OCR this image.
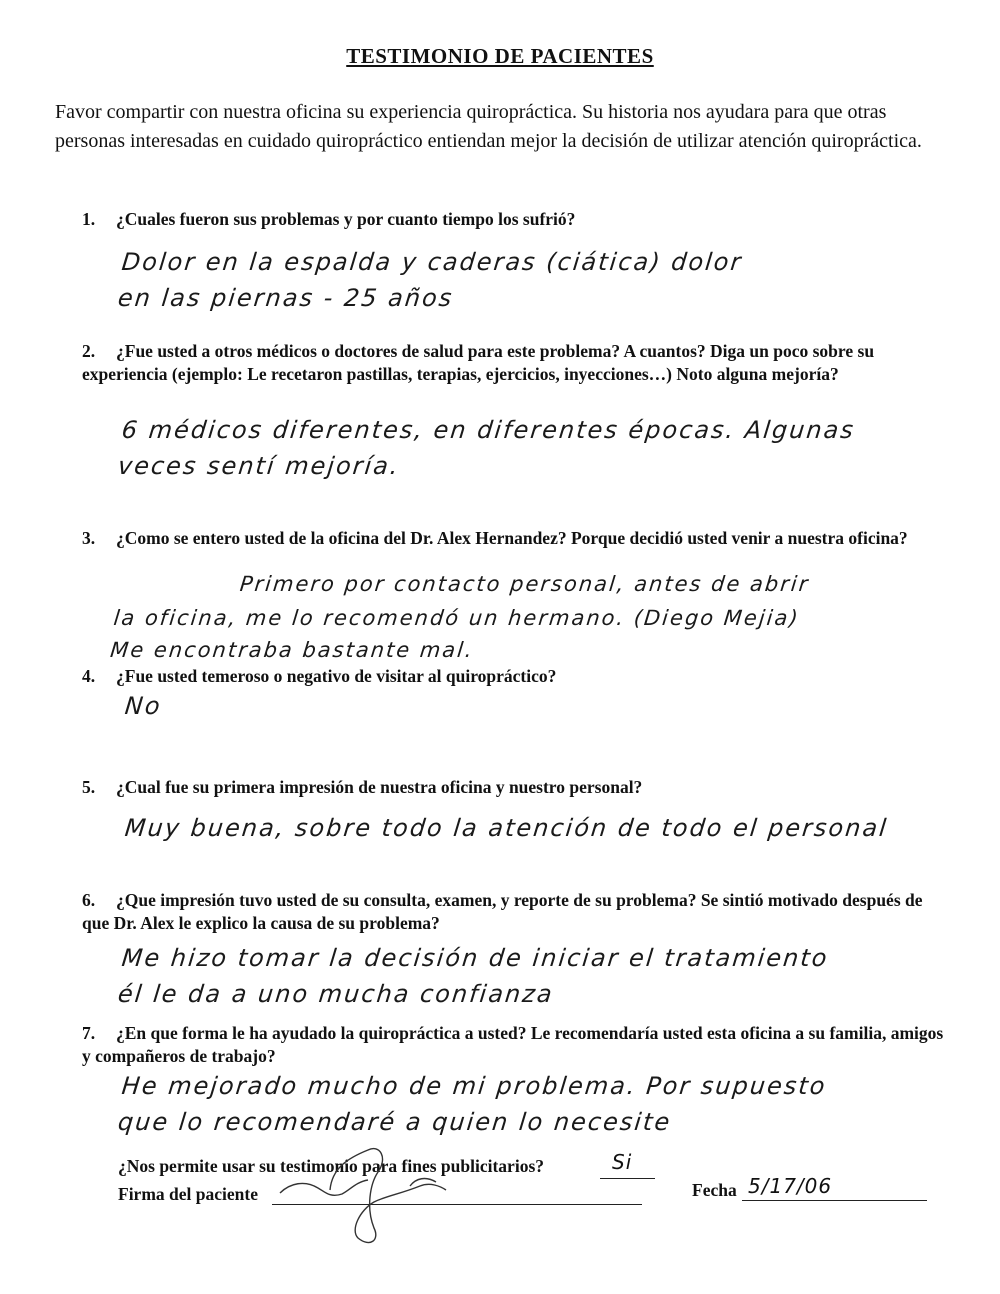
TESTIMONIO DE PACIENTES
Favor compartir con nuestra oficina su experiencia quiropráctica. Su historia nos ayudara para que otras personas interesadas en cuidado quiropráctico entiendan mejor la decisión de utilizar atención quiropráctica.
1. ¿Cuales fueron sus problemas y por cuanto tiempo los sufrió?
Dolor en la espalda y caderas (ciática) dolor
en las piernas - 25 años
2. ¿Fue usted a otros médicos o doctores de salud para este problema? A cuantos? Diga un poco sobre su experiencia (ejemplo: Le recetaron pastillas, terapias, ejercicios, inyecciones…) Noto alguna mejoría?
6 médicos diferentes, en diferentes épocas. Algunas
veces sentí mejoría.
3. ¿Como se entero usted de la oficina del Dr. Alex Hernandez? Porque decidió usted venir a nuestra oficina?
Primero por contacto personal, antes de abrir
la oficina, me lo recomendó un hermano. (Diego Mejia)
Me encontraba bastante mal.
4. ¿Fue usted temeroso o negativo de visitar al quiropráctico?
No
5. ¿Cual fue su primera impresión de nuestra oficina y nuestro personal?
Muy buena, sobre todo la atención de todo el personal
6. ¿Que impresión tuvo usted de su consulta, examen, y reporte de su problema? Se sintió motivado después de que Dr. Alex le explico la causa de su problema?
Me hizo tomar la decisión de iniciar el tratamiento
él le da a uno mucha confianza
7. ¿En que forma le ha ayudado la quiropráctica a usted? Le recomendaría usted esta oficina a su familia, amigos y compañeros de trabajo?
He mejorado mucho de mi problema. Por supuesto
que lo recomendaré a quien lo necesite
¿Nos permite usar su testimonio para fines publicitarios?	Si
Firma del paciente	Fecha 5/17/06
